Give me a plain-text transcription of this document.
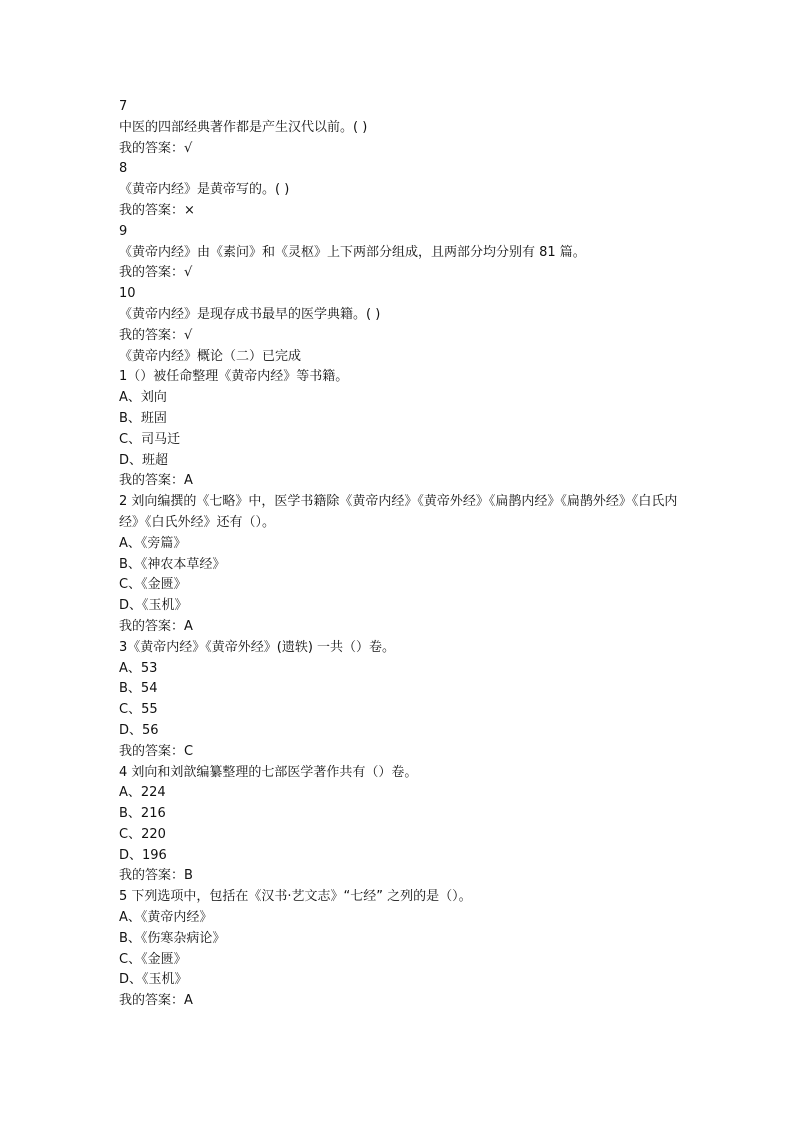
7
中医的四部经典著作都是产生汉代以前。( )
我的答案：√
8
《黄帝内经》是黄帝写的。( )
我的答案：×
9
《黄帝内经》由《素问》和《灵枢》上下两部分组成，且两部分均分别有 81 篇。
我的答案：√
10
《黄帝内经》是现存成书最早的医学典籍。( )
我的答案：√
《黄帝内经》概论（二）已完成
1（）被任命整理《黄帝内经》等书籍。
A、刘向
B、班固
C、司马迁
D、班超
我的答案：A
2 刘向编撰的《七略》中，医学书籍除《黄帝内经》《黄帝外经》《扁鹊内经》《扁鹊外经》《白氏内经》《白氏外经》还有（）。
A、《旁篇》
B、《神农本草经》
C、《金匮》
D、《玉机》
我的答案：A
3《黄帝内经》《黄帝外经》(遗轶) 一共（）卷。
A、53
B、54
C、55
D、56
我的答案：C
4 刘向和刘歆编纂整理的七部医学著作共有（）卷。
A、224
B、216
C、220
D、196
我的答案：B
5 下列选项中，包括在《汉书·艺文志》“七经” 之列的是（）。
A、《黄帝内经》
B、《伤寒杂病论》
C、《金匮》
D、《玉机》
我的答案：A
